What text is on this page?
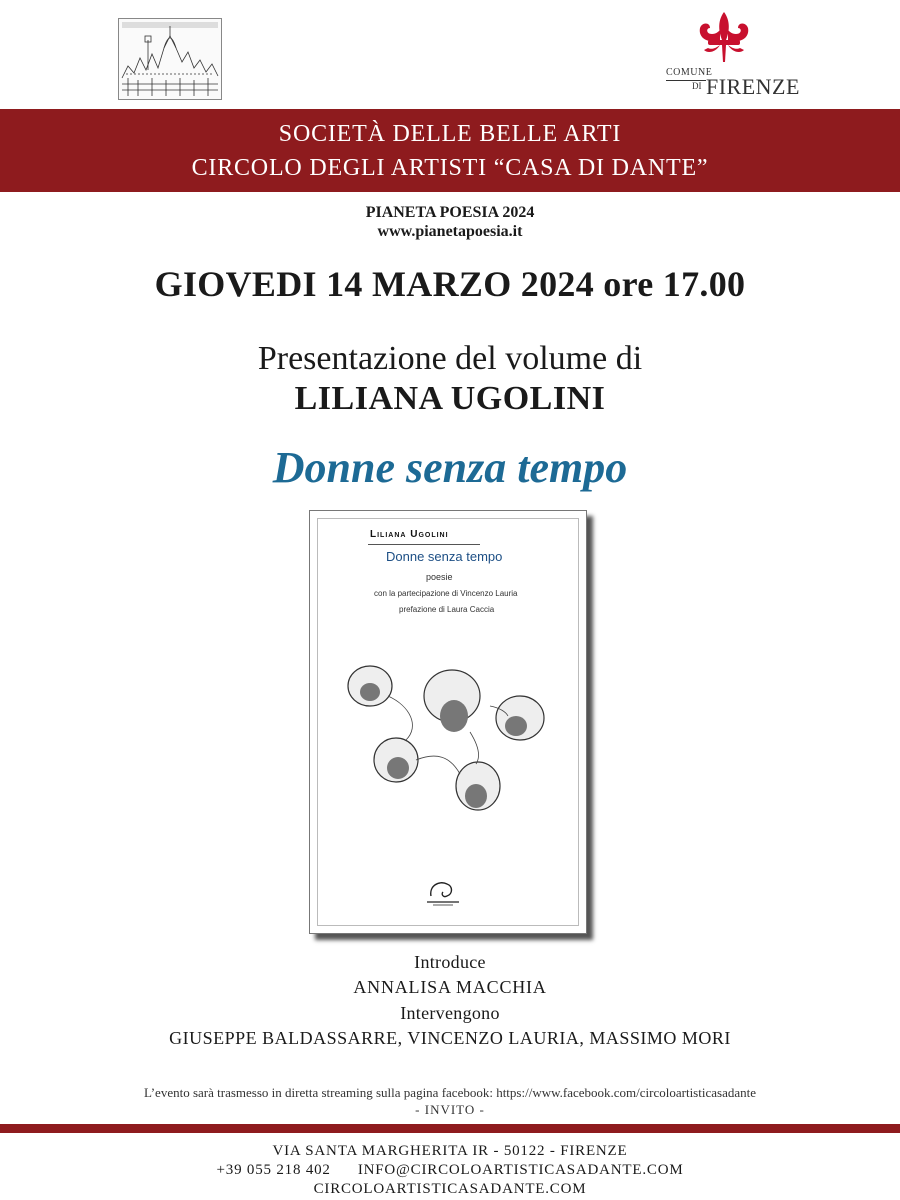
COMUNE
DI FIRENZE
SOCIETÀ DELLE BELLE ARTI
CIRCOLO DEGLI ARTISTI “CASA DI DANTE”
PIANETA POESIA 2024
www.pianetapoesia.it
GIOVEDI 14 MARZO 2024 ore 17.00
Presentazione del volume di
LILIANA UGOLINI
Donne senza tempo
Liliana Ugolini
Donne senza tempo
poesie
con la partecipazione di Vincenzo Lauria
prefazione di Laura Caccia
Introduce
ANNALISA MACCHIA
Intervengono
GIUSEPPE BALDASSARRE, VINCENZO LAURIA, MASSIMO MORI
L’evento sarà trasmesso in diretta streaming sulla pagina facebook: https://www.facebook.com/circoloartisticasadante
- INVITO -
VIA SANTA MARGHERITA IR - 50122 - FIRENZE
+39 055 218 402 INFO@CIRCOLOARTISTICASADANTE.COM
CIRCOLOARTISTICASADANTE.COM
